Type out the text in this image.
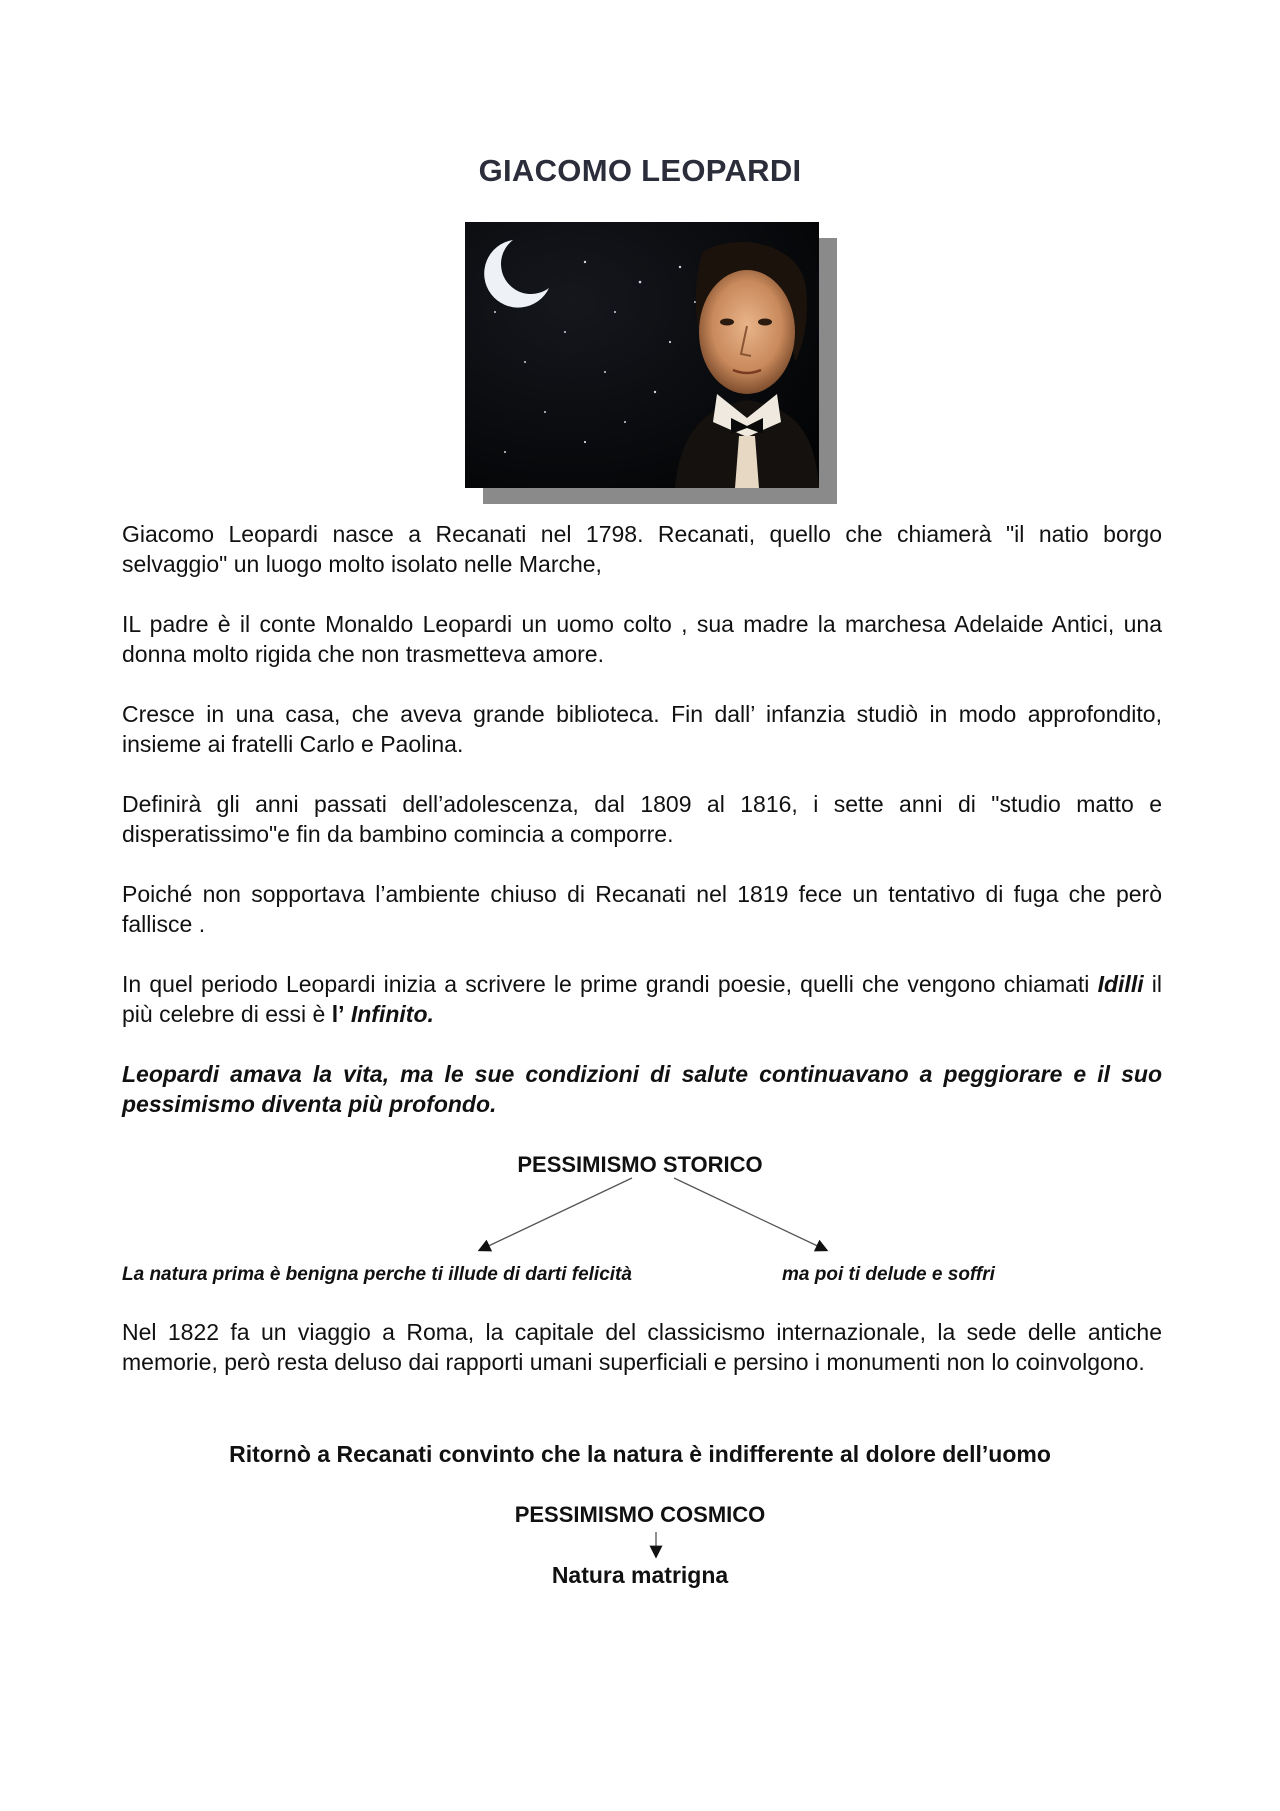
GIACOMO LEOPARDI

Giacomo Leopardi nasce a Recanati nel 1798. Recanati, quello che chiamerà "il natio borgo selvaggio" un luogo molto isolato nelle Marche,

IL padre è il conte Monaldo Leopardi un uomo colto , sua madre la marchesa Adelaide Antici, una donna molto rigida che non trasmetteva amore.

Cresce in una casa, che aveva grande biblioteca. Fin dall’ infanzia studiò in modo approfondito, insieme ai fratelli Carlo e Paolina.

Definirà gli anni passati dell’adolescenza, dal 1809 al 1816, i sette anni di "studio matto e disperatissimo"e fin da bambino comincia a comporre.

Poiché non sopportava l’ambiente chiuso di Recanati nel 1819 fece un tentativo di fuga che però fallisce .

In quel periodo Leopardi inizia a scrivere le prime grandi poesie, quelli che vengono chiamati Idilli il più celebre di essi è l’ Infinito.

Leopardi amava la vita, ma le sue condizioni di salute continuavano a peggiorare e il suo pessimismo diventa più profondo.

PESSIMISMO STORICO
La natura prima è benigna perche ti illude di darti felicità	ma poi ti delude e soffri

Nel 1822 fa un viaggio a Roma, la capitale del classicismo internazionale, la sede delle antiche memorie, però resta deluso dai rapporti umani superficiali e persino i monumenti non lo coinvolgono.

Ritornò a Recanati convinto che la natura è indifferente al dolore dell’uomo
PESSIMISMO COSMICO
Natura matrigna
